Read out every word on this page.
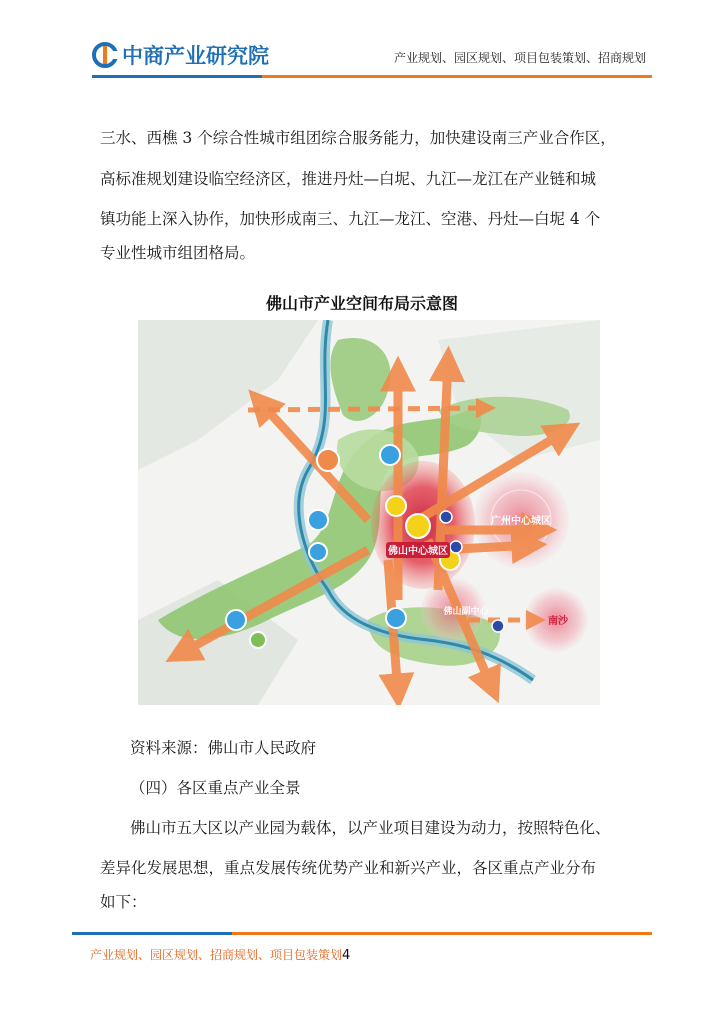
中商产业研究院	产业规划、园区规划、项目包装策划、招商规划
三水、西樵 3 个综合性城市组团综合服务能力，加快建设南三产业合作区，
高标准规划建设临空经济区，推进丹灶—白坭、九江—龙江在产业链和城
镇功能上深入协作，加快形成南三、九江—龙江、空港、丹灶—白坭 4 个
专业性城市组团格局。
佛山市产业空间布局示意图
佛山中心城区
广州中心城区
佛山副中心
南沙
资料来源：佛山市人民政府
（四）各区重点产业全景
佛山市五大区以产业园为载体，以产业项目建设为动力，按照特色化、
差异化发展思想，重点发展传统优势产业和新兴产业，各区重点产业分布
如下：
产业规划、园区规划、招商规划、项目包装策划4
